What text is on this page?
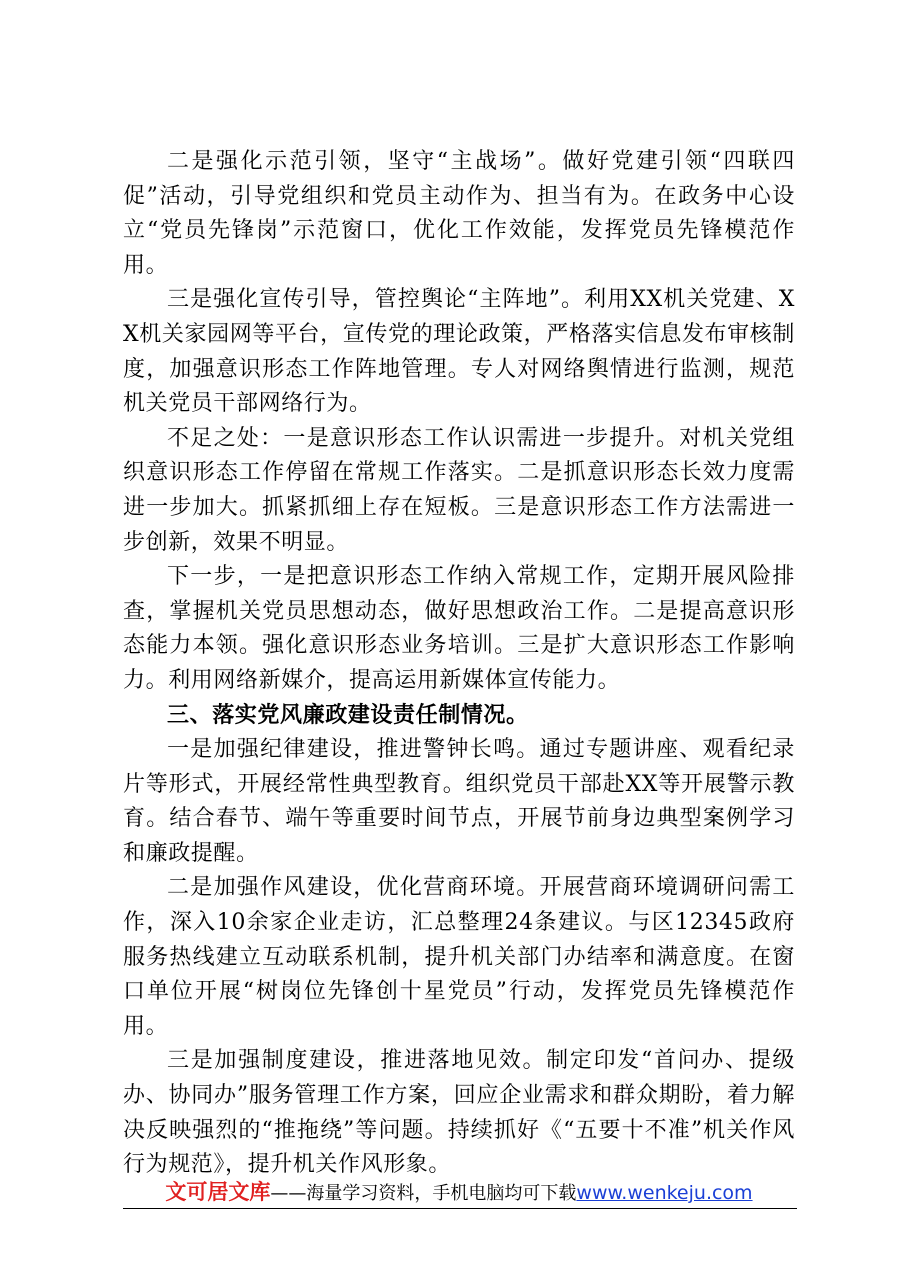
二是强化示范引领，坚守“主战场”。做好党建引领“四联四促”活动，引导党组织和党员主动作为、担当有为。在政务中心设立“党员先锋岗”示范窗口，优化工作效能，发挥党员先锋模范作用。

三是强化宣传引导，管控舆论“主阵地”。利用XX机关党建、XX机关家园网等平台，宣传党的理论政策，严格落实信息发布审核制度，加强意识形态工作阵地管理。专人对网络舆情进行监测，规范机关党员干部网络行为。

不足之处：一是意识形态工作认识需进一步提升。对机关党组织意识形态工作停留在常规工作落实。二是抓意识形态长效力度需进一步加大。抓紧抓细上存在短板。三是意识形态工作方法需进一步创新，效果不明显。

下一步，一是把意识形态工作纳入常规工作，定期开展风险排查，掌握机关党员思想动态，做好思想政治工作。二是提高意识形态能力本领。强化意识形态业务培训。三是扩大意识形态工作影响力。利用网络新媒介，提高运用新媒体宣传能力。

三、落实党风廉政建设责任制情况。

一是加强纪律建设，推进警钟长鸣。通过专题讲座、观看纪录片等形式，开展经常性典型教育。组织党员干部赴XX等开展警示教育。结合春节、端午等重要时间节点，开展节前身边典型案例学习和廉政提醒。

二是加强作风建设，优化营商环境。开展营商环境调研问需工作，深入10余家企业走访，汇总整理24条建议。与区12345政府服务热线建立互动联系机制，提升机关部门办结率和满意度。在窗口单位开展“树岗位先锋创十星党员”行动，发挥党员先锋模范作用。

三是加强制度建设，推进落地见效。制定印发“首问办、提级办、协同办”服务管理工作方案，回应企业需求和群众期盼，着力解决反映强烈的“推拖绕”等问题。持续抓好《“五要十不准”机关作风行为规范》，提升机关作风形象。

文可居文库——海量学习资料，手机电脑均可下载www.wenkeju.com
